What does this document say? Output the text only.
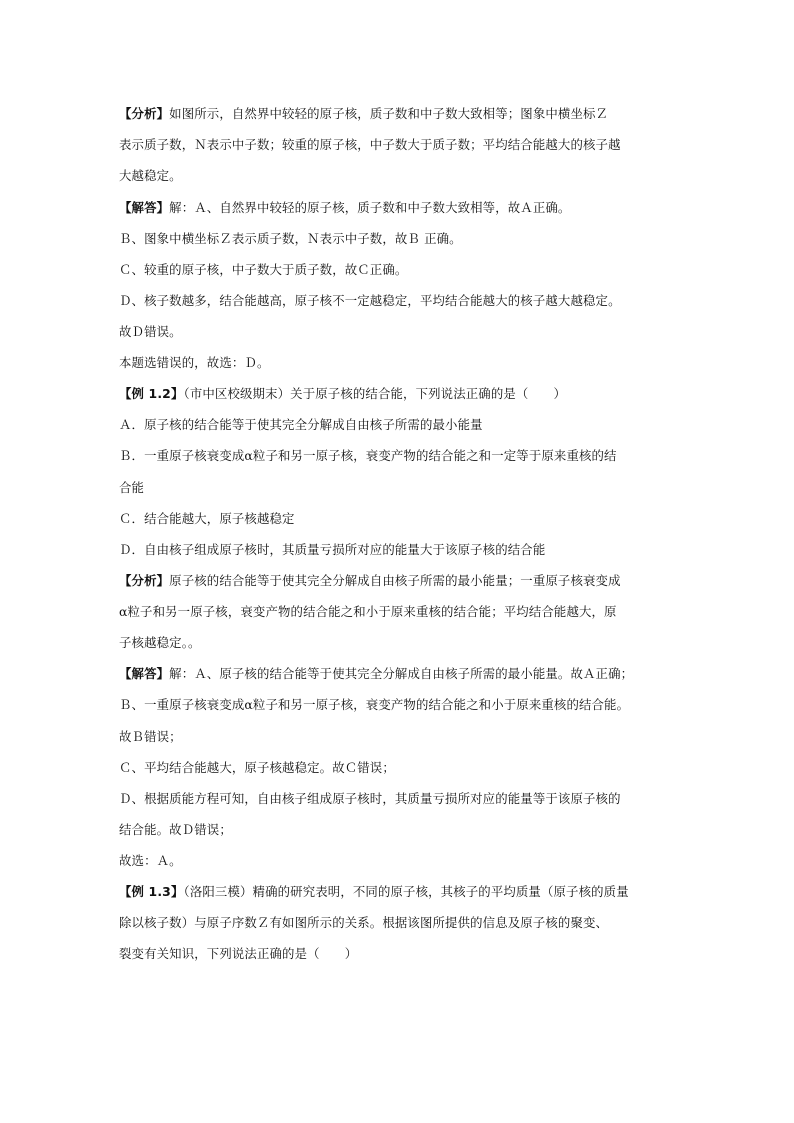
【分析】如图所示，自然界中较轻的原子核，质子数和中子数大致相等；图象中横坐标Ｚ
表示质子数，Ｎ表示中子数；较重的原子核，中子数大于质子数；平均结合能越大的核子越
大越稳定。
【解答】解：Ａ、自然界中较轻的原子核，质子数和中子数大致相等，故Ａ正确。
Ｂ、图象中横坐标Ｚ表示质子数，Ｎ表示中子数，故Ｂ 正确。
Ｃ、较重的原子核，中子数大于质子数，故Ｃ正确。
Ｄ、核子数越多，结合能越高，原子核不一定越稳定，平均结合能越大的核子越大越稳定。
故Ｄ错误。
本题选错误的，故选：Ｄ。
【例 1.2】（市中区校级期末）关于原子核的结合能，下列说法正确的是（　　）
Ａ．原子核的结合能等于使其完全分解成自由核子所需的最小能量
Ｂ．一重原子核衰变成α粒子和另一原子核，衰变产物的结合能之和一定等于原来重核的结
合能
Ｃ．结合能越大，原子核越稳定
Ｄ．自由核子组成原子核时，其质量亏损所对应的能量大于该原子核的结合能
【分析】原子核的结合能等于使其完全分解成自由核子所需的最小能量；一重原子核衰变成
α粒子和另一原子核，衰变产物的结合能之和小于原来重核的结合能；平均结合能越大，原
子核越稳定。。
【解答】解：Ａ、原子核的结合能等于使其完全分解成自由核子所需的最小能量。故Ａ正确；
Ｂ、一重原子核衰变成α粒子和另一原子核，衰变产物的结合能之和小于原来重核的结合能。
故Ｂ错误；
Ｃ、平均结合能越大，原子核越稳定。故Ｃ错误；
Ｄ、根据质能方程可知，自由核子组成原子核时，其质量亏损所对应的能量等于该原子核的
结合能。故Ｄ错误；
故选：Ａ。
【例 1.3】（洛阳三模）精确的研究表明，不同的原子核，其核子的平均质量（原子核的质量
除以核子数）与原子序数Ｚ有如图所示的关系。根据该图所提供的信息及原子核的聚变、
裂变有关知识，下列说法正确的是（　　）
